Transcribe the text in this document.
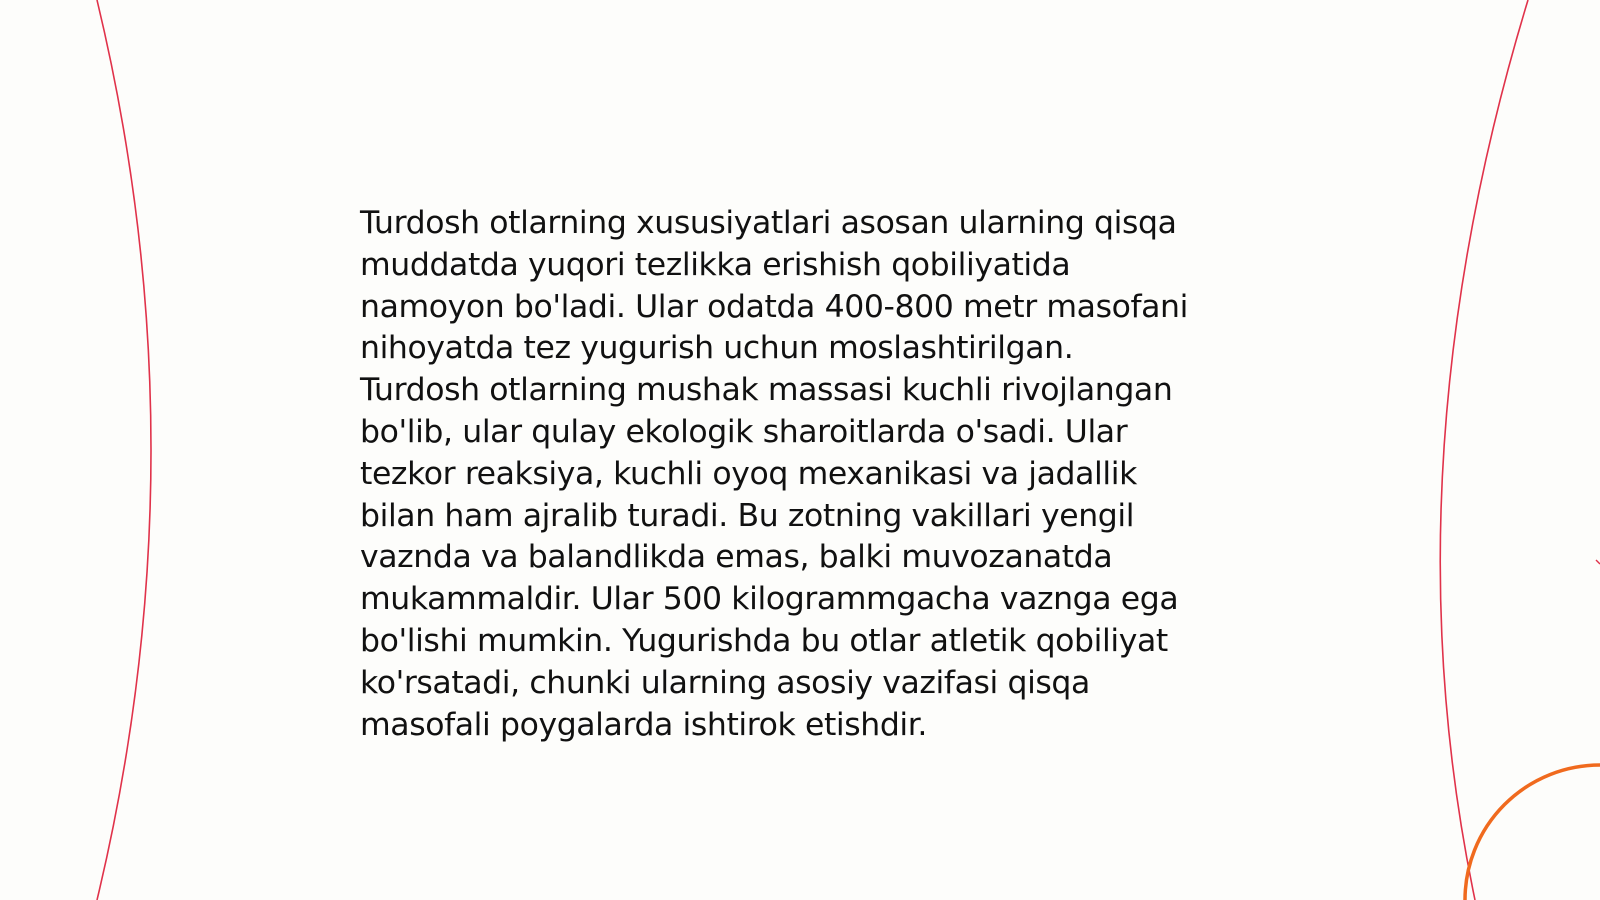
Turdosh otlarning xususiyatlari asosan ularning qisqa
muddatda yuqori tezlikka erishish qobiliyatida
namoyon bo'ladi. Ular odatda 400-800 metr masofani
nihoyatda tez yugurish uchun moslashtirilgan.
Turdosh otlarning mushak massasi kuchli rivojlangan
bo'lib, ular qulay ekologik sharoitlarda o'sadi. Ular
tezkor reaksiya, kuchli oyoq mexanikasi va jadallik
bilan ham ajralib turadi. Bu zotning vakillari yengil
vaznda va balandlikda emas, balki muvozanatda
mukammaldir. Ular 500 kilogrammgacha vaznga ega
bo'lishi mumkin. Yugurishda bu otlar atletik qobiliyat
ko'rsatadi, chunki ularning asosiy vazifasi qisqa
masofali poygalarda ishtirok etishdir.
